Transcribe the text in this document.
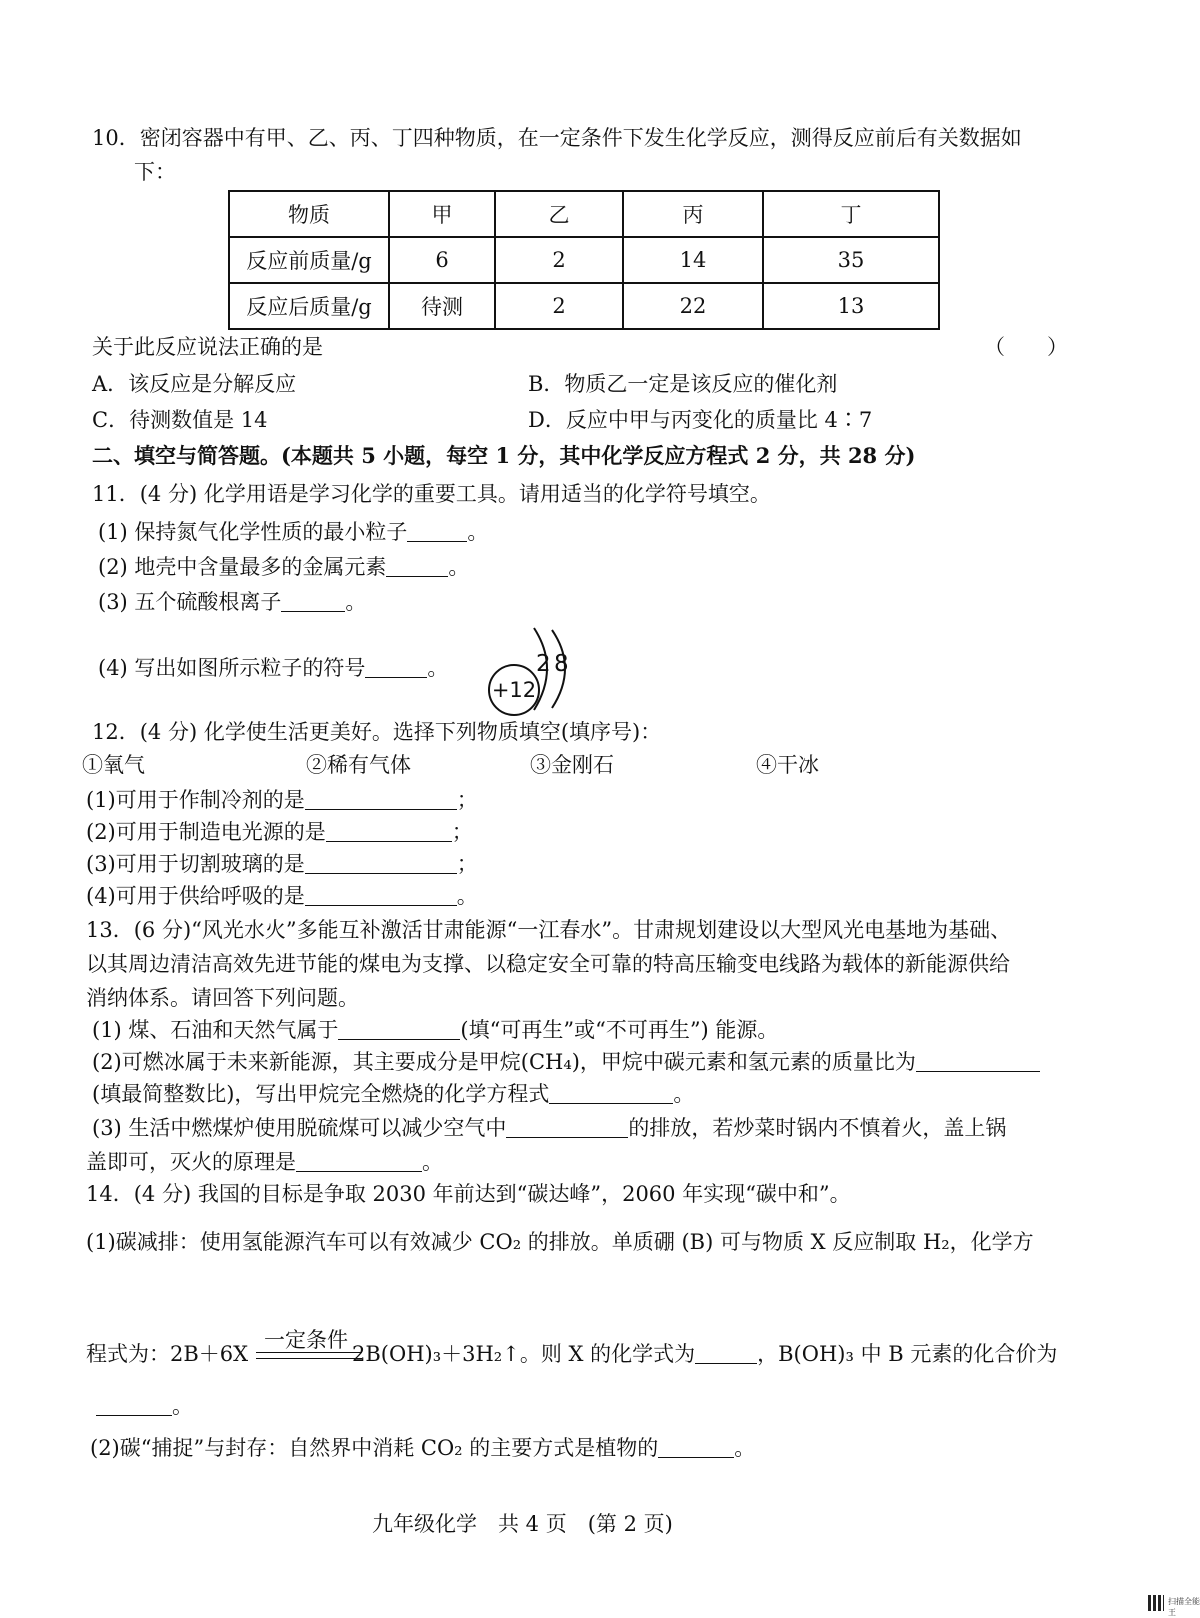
10．密闭容器中有甲、乙、丙、丁四种物质，在一定条件下发生化学反应，测得反应前后有关数据如
下：
物质	甲	乙	丙	丁
反应前质量/g	6	2	14	35
反应后质量/g	待测	2	22	13
关于此反应说法正确的是	（　　）
A．该反应是分解反应	B．物质乙一定是该反应的催化剂
C．待测数值是 14	D．反应中甲与丙变化的质量比 4∶7
二、填空与简答题。(本题共 5 小题，每空 1 分，其中化学反应方程式 2 分，共 28 分)
11．(4 分) 化学用语是学习化学的重要工具。请用适当的化学符号填空。
(1) 保持氮气化学性质的最小粒子	。
(2) 地壳中含量最多的金属元素	。
(3) 五个硫酸根离子	。
(4) 写出如图所示粒子的符号	。
+12
2 8
12．(4 分) 化学使生活更美好。选择下列物质填空(填序号)：
①氧气	②稀有气体	③金刚石	④干冰
(1)可用于作制冷剂的是	；
(2)可用于制造电光源的是	；
(3)可用于切割玻璃的是	；
(4)可用于供给呼吸的是	。
13．(6 分)“风光水火”多能互补激活甘肃能源“一江春水”。甘肃规划建设以大型风光电基地为基础、
以其周边清洁高效先进节能的煤电为支撑、以稳定安全可靠的特高压输变电线路为载体的新能源供给
消纳体系。请回答下列问题。
(1) 煤、石油和天然气属于	(填“可再生”或“不可再生”) 能源。
(2)可燃冰属于未来新能源，其主要成分是甲烷(CH₄)，甲烷中碳元素和氢元素的质量比为
(填最简整数比)，写出甲烷完全燃烧的化学方程式	。
(3) 生活中燃煤炉使用脱硫煤可以减少空气中	的排放，若炒菜时锅内不慎着火，盖上锅
盖即可，灭火的原理是	。
14．(4 分) 我国的目标是争取 2030 年前达到“碳达峰”，2060 年实现“碳中和”。
(1)碳减排：使用氢能源汽车可以有效减少 CO₂ 的排放。单质硼 (B) 可与物质 X 反应制取 H₂，化学方
一定条件
程式为：2B＋6X	2B(OH)₃＋3H₂↑。则 X 的化学式为	，B(OH)₃ 中 B 元素的化合价为
。
(2)碳“捕捉”与封存：自然界中消耗 CO₂ 的主要方式是植物的	。
九年级化学　共 4 页　(第 2 页)
扫描全能王
